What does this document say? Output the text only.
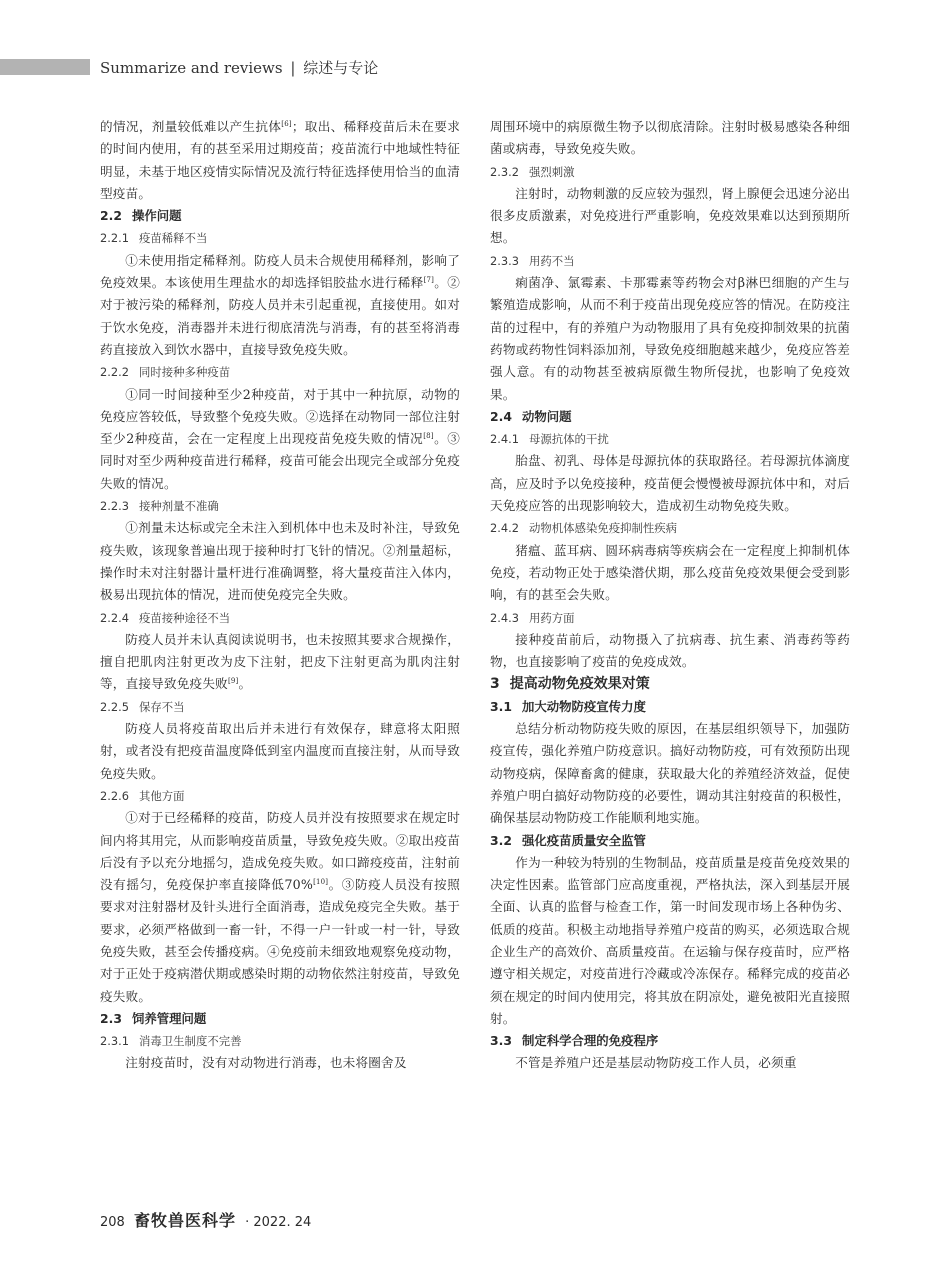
Summarize and reviews | 综述与专论

的情况，剂量较低难以产生抗体[6]；取出、稀释疫苗后未在要求的时间内使用，有的甚至采用过期疫苗；疫苗流行中地域性特征明显，未基于地区疫情实际情况及流行特征选择使用恰当的血清型疫苗。

2.2 操作问题
2.2.1 疫苗稀释不当

①未使用指定稀释剂。防疫人员未合规使用稀释剂，影响了免疫效果。本该使用生理盐水的却选择铝胶盐水进行稀释[7]。②对于被污染的稀释剂，防疫人员并未引起重视，直接使用。如对于饮水免疫，消毒器并未进行彻底清洗与消毒，有的甚至将消毒药直接放入到饮水器中，直接导致免疫失败。

2.2.2 同时接种多种疫苗

①同一时间接种至少2种疫苗，对于其中一种抗原，动物的免疫应答较低，导致整个免疫失败。②选择在动物同一部位注射至少2种疫苗，会在一定程度上出现疫苗免疫失败的情况[8]。③同时对至少两种疫苗进行稀释，疫苗可能会出现完全或部分免疫失败的情况。

2.2.3 接种剂量不准确

①剂量未达标或完全未注入到机体中也未及时补注，导致免疫失败，该现象普遍出现于接种时打飞针的情况。②剂量超标，操作时未对注射器计量杆进行准确调整，将大量疫苗注入体内，极易出现抗体的情况，进而使免疫完全失败。

2.2.4 疫苗接种途径不当

防疫人员并未认真阅读说明书，也未按照其要求合规操作，擅自把肌肉注射更改为皮下注射，把皮下注射更高为肌肉注射等，直接导致免疫失败[9]。

2.2.5 保存不当

防疫人员将疫苗取出后并未进行有效保存，肆意将太阳照射，或者没有把疫苗温度降低到室内温度而直接注射，从而导致免疫失败。

2.2.6 其他方面

①对于已经稀释的疫苗，防疫人员并没有按照要求在规定时间内将其用完，从而影响疫苗质量，导致免疫失败。②取出疫苗后没有予以充分地摇匀，造成免疫失败。如口蹄疫疫苗，注射前没有摇匀，免疫保护率直接降低70%[10]。③防疫人员没有按照要求对注射器材及针头进行全面消毒，造成免疫完全失败。基于要求，必须严格做到一畜一针，不得一户一针或一村一针，导致免疫失败，甚至会传播疫病。④免疫前未细致地观察免疫动物，对于正处于疫病潜伏期或感染时期的动物依然注射疫苗，导致免疫失败。

2.3 饲养管理问题
2.3.1 消毒卫生制度不完善

注射疫苗时，没有对动物进行消毒，也未将圈舍及

周围环境中的病原微生物予以彻底清除。注射时极易感染各种细菌或病毒，导致免疫失败。

2.3.2 强烈刺激

注射时，动物刺激的反应较为强烈，肾上腺便会迅速分泌出很多皮质激素，对免疫进行严重影响，免疫效果难以达到预期所想。

2.3.3 用药不当

痢菌净、氯霉素、卡那霉素等药物会对β淋巴细胞的产生与繁殖造成影响，从而不利于疫苗出现免疫应答的情况。在防疫注苗的过程中，有的养殖户为动物服用了具有免疫抑制效果的抗菌药物或药物性饲料添加剂，导致免疫细胞越来越少，免疫应答差强人意。有的动物甚至被病原微生物所侵扰，也影响了免疫效果。

2.4 动物问题
2.4.1 母源抗体的干扰

胎盘、初乳、母体是母源抗体的获取路径。若母源抗体滴度高，应及时予以免疫接种，疫苗便会慢慢被母源抗体中和，对后天免疫应答的出现影响较大，造成初生动物免疫失败。

2.4.2 动物机体感染免疫抑制性疾病

猪瘟、蓝耳病、圆环病毒病等疾病会在一定程度上抑制机体免疫，若动物正处于感染潜伏期，那么疫苗免疫效果便会受到影响，有的甚至会失败。

2.4.3 用药方面

接种疫苗前后，动物摄入了抗病毒、抗生素、消毒药等药物，也直接影响了疫苗的免疫成效。

3 提高动物免疫效果对策
3.1 加大动物防疫宣传力度

总结分析动物防疫失败的原因，在基层组织领导下，加强防疫宣传，强化养殖户防疫意识。搞好动物防疫，可有效预防出现动物疫病，保障畜禽的健康，获取最大化的养殖经济效益，促使养殖户明白搞好动物防疫的必要性，调动其注射疫苗的积极性，确保基层动物防疫工作能顺利地实施。

3.2 强化疫苗质量安全监管

作为一种较为特别的生物制品，疫苗质量是疫苗免疫效果的决定性因素。监管部门应高度重视，严格执法，深入到基层开展全面、认真的监督与检查工作，第一时间发现市场上各种伪劣、低质的疫苗。积极主动地指导养殖户疫苗的购买，必须选取合规企业生产的高效价、高质量疫苗。在运输与保存疫苗时，应严格遵守相关规定，对疫苗进行冷藏或冷冻保存。稀释完成的疫苗必须在规定的时间内使用完，将其放在阴凉处，避免被阳光直接照射。

3.3 制定科学合理的免疫程序

不管是养殖户还是基层动物防疫工作人员，必须重

208 畜牧兽医科学 · 2022. 24
